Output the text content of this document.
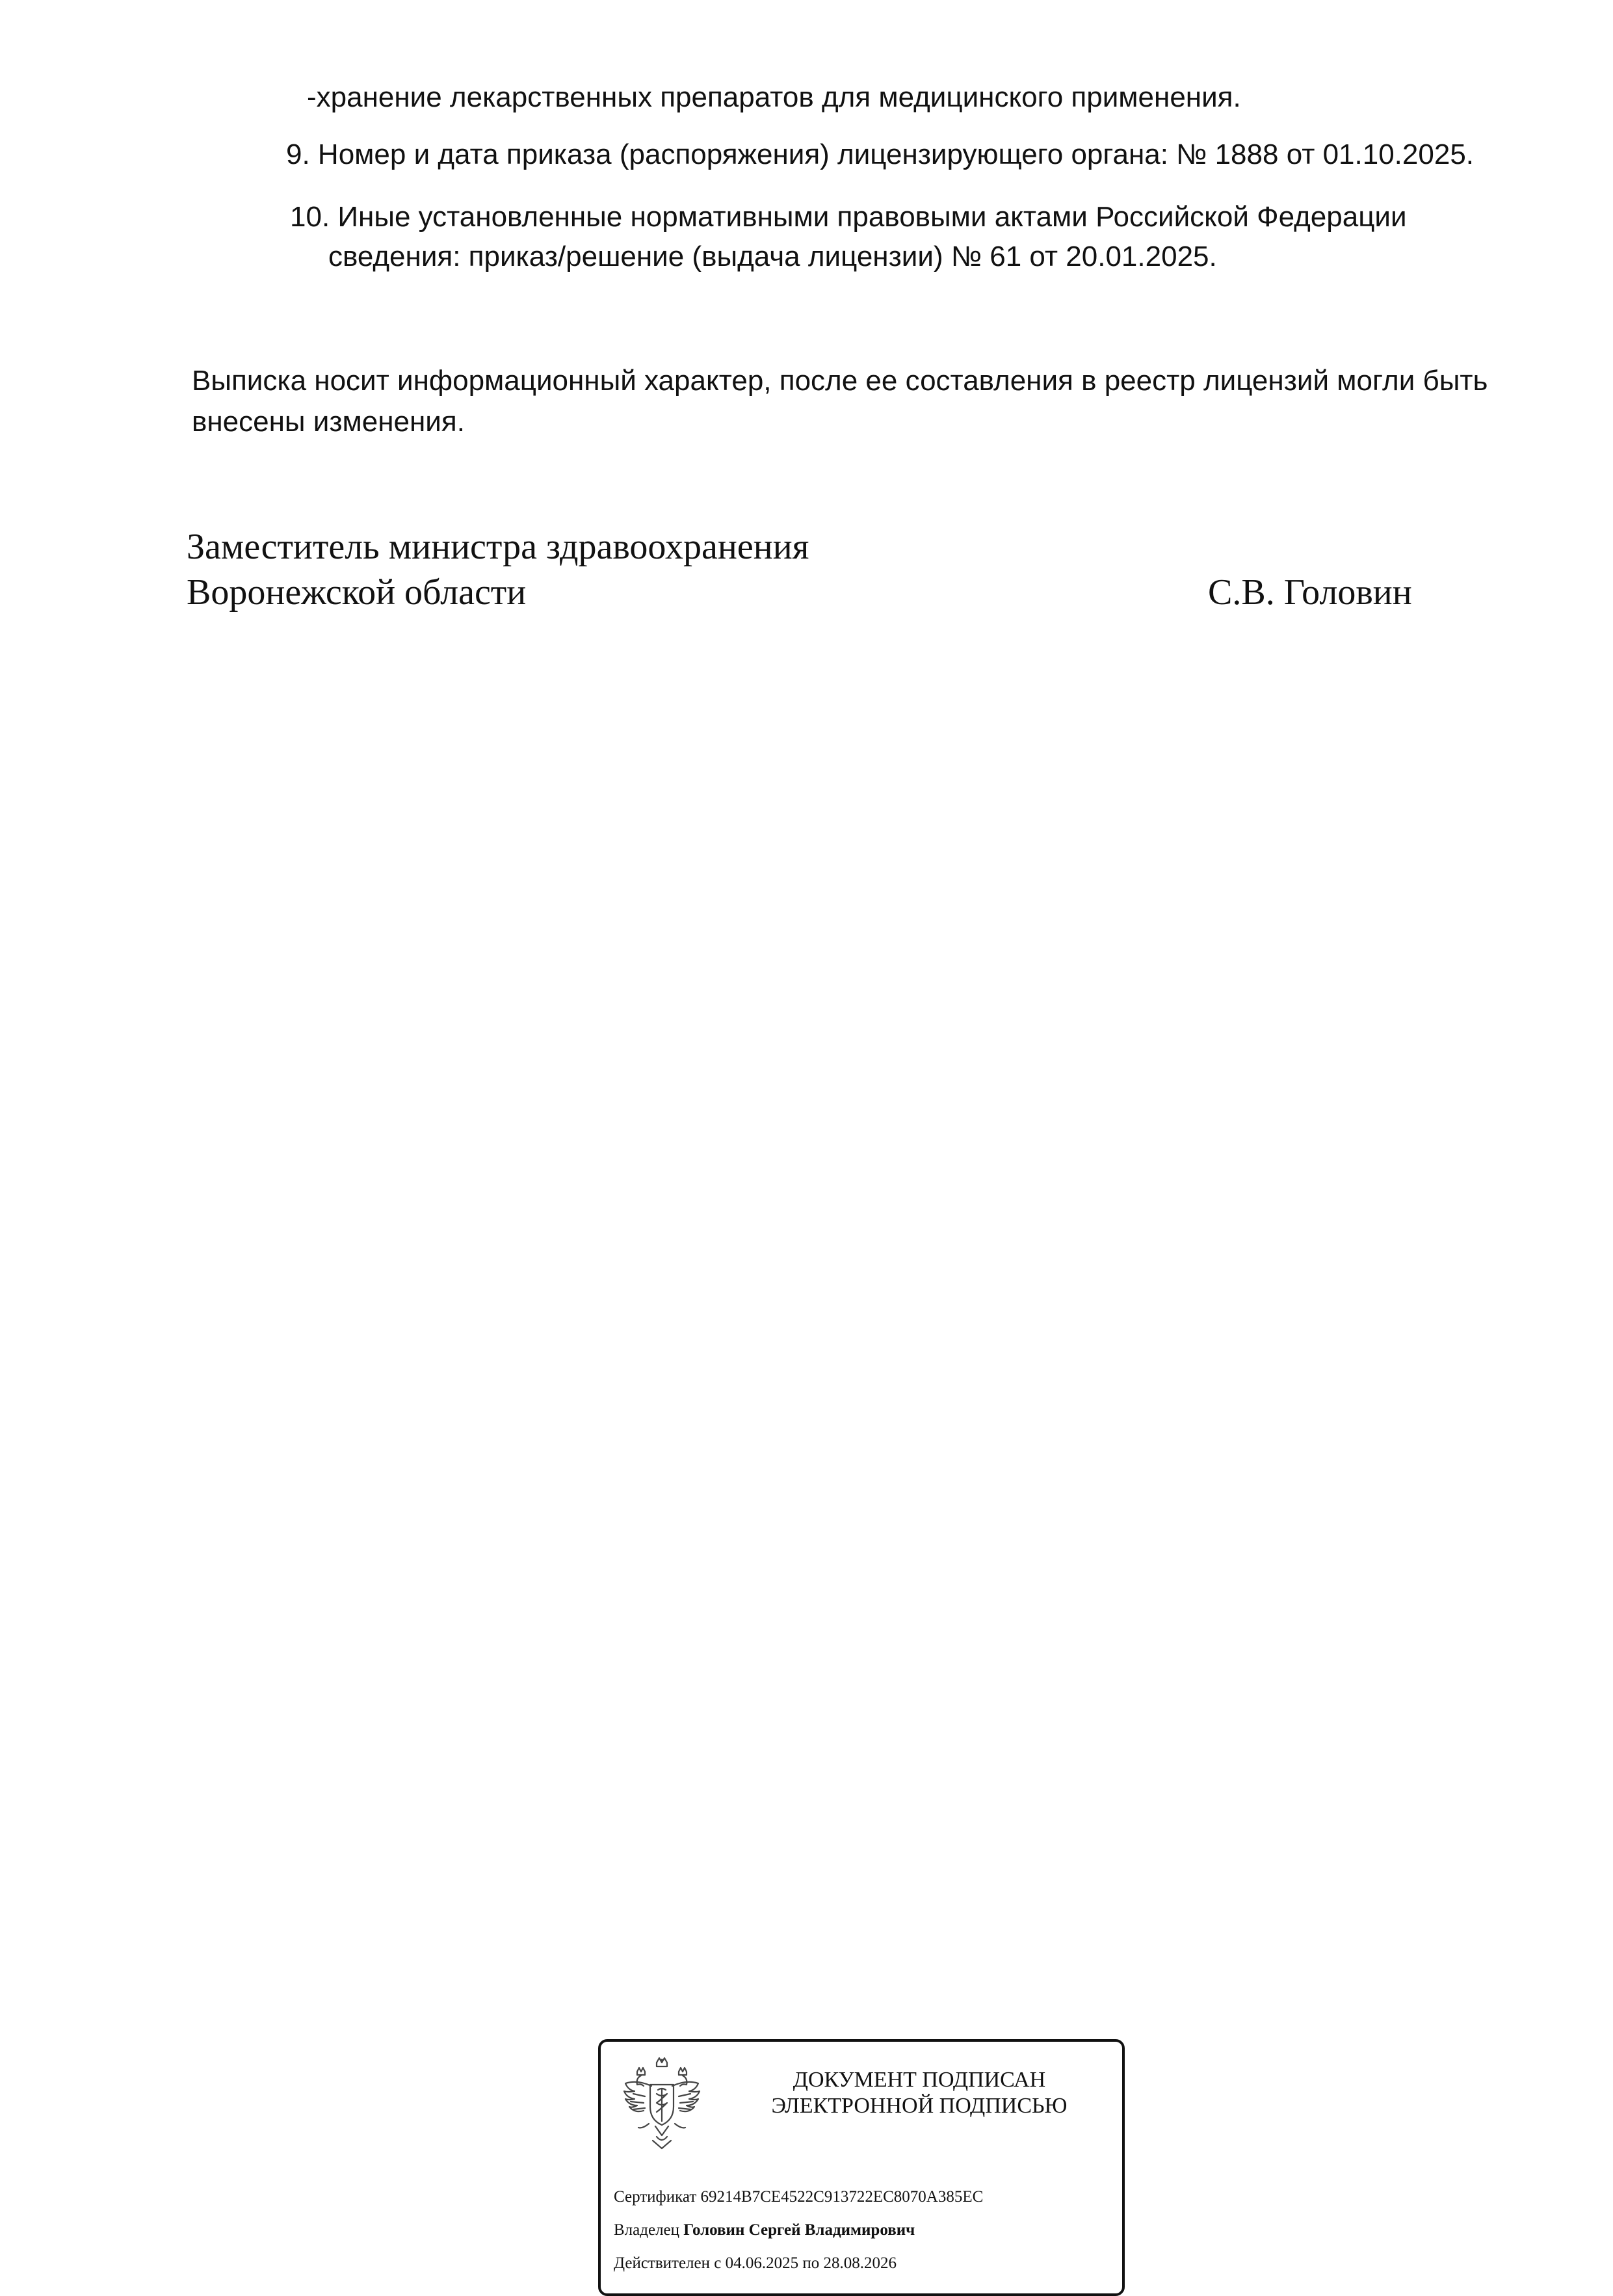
-хранение лекарственных препаратов для медицинского применения.

9. Номер и дата приказа (распоряжения) лицензирующего органа: № 1888 от 01.10.2025.

10. Иные установленные нормативными правовыми актами Российской Федерации

сведения: приказ/решение (выдача лицензии) № 61 от 20.01.2025.

Выписка носит информационный характер, после ее составления в реестр лицензий могли быть

внесены изменения.

Заместитель министра здравоохранения

Воронежской области	С.В. Головин

ДОКУМЕНТ ПОДПИСАН
ЭЛЕКТРОННОЙ ПОДПИСЬЮ
Сертификат 69214B7CE4522C913722EC8070A385EC
Владелец Головин Сергей Владимирович
Действителен с 04.06.2025 по 28.08.2026
